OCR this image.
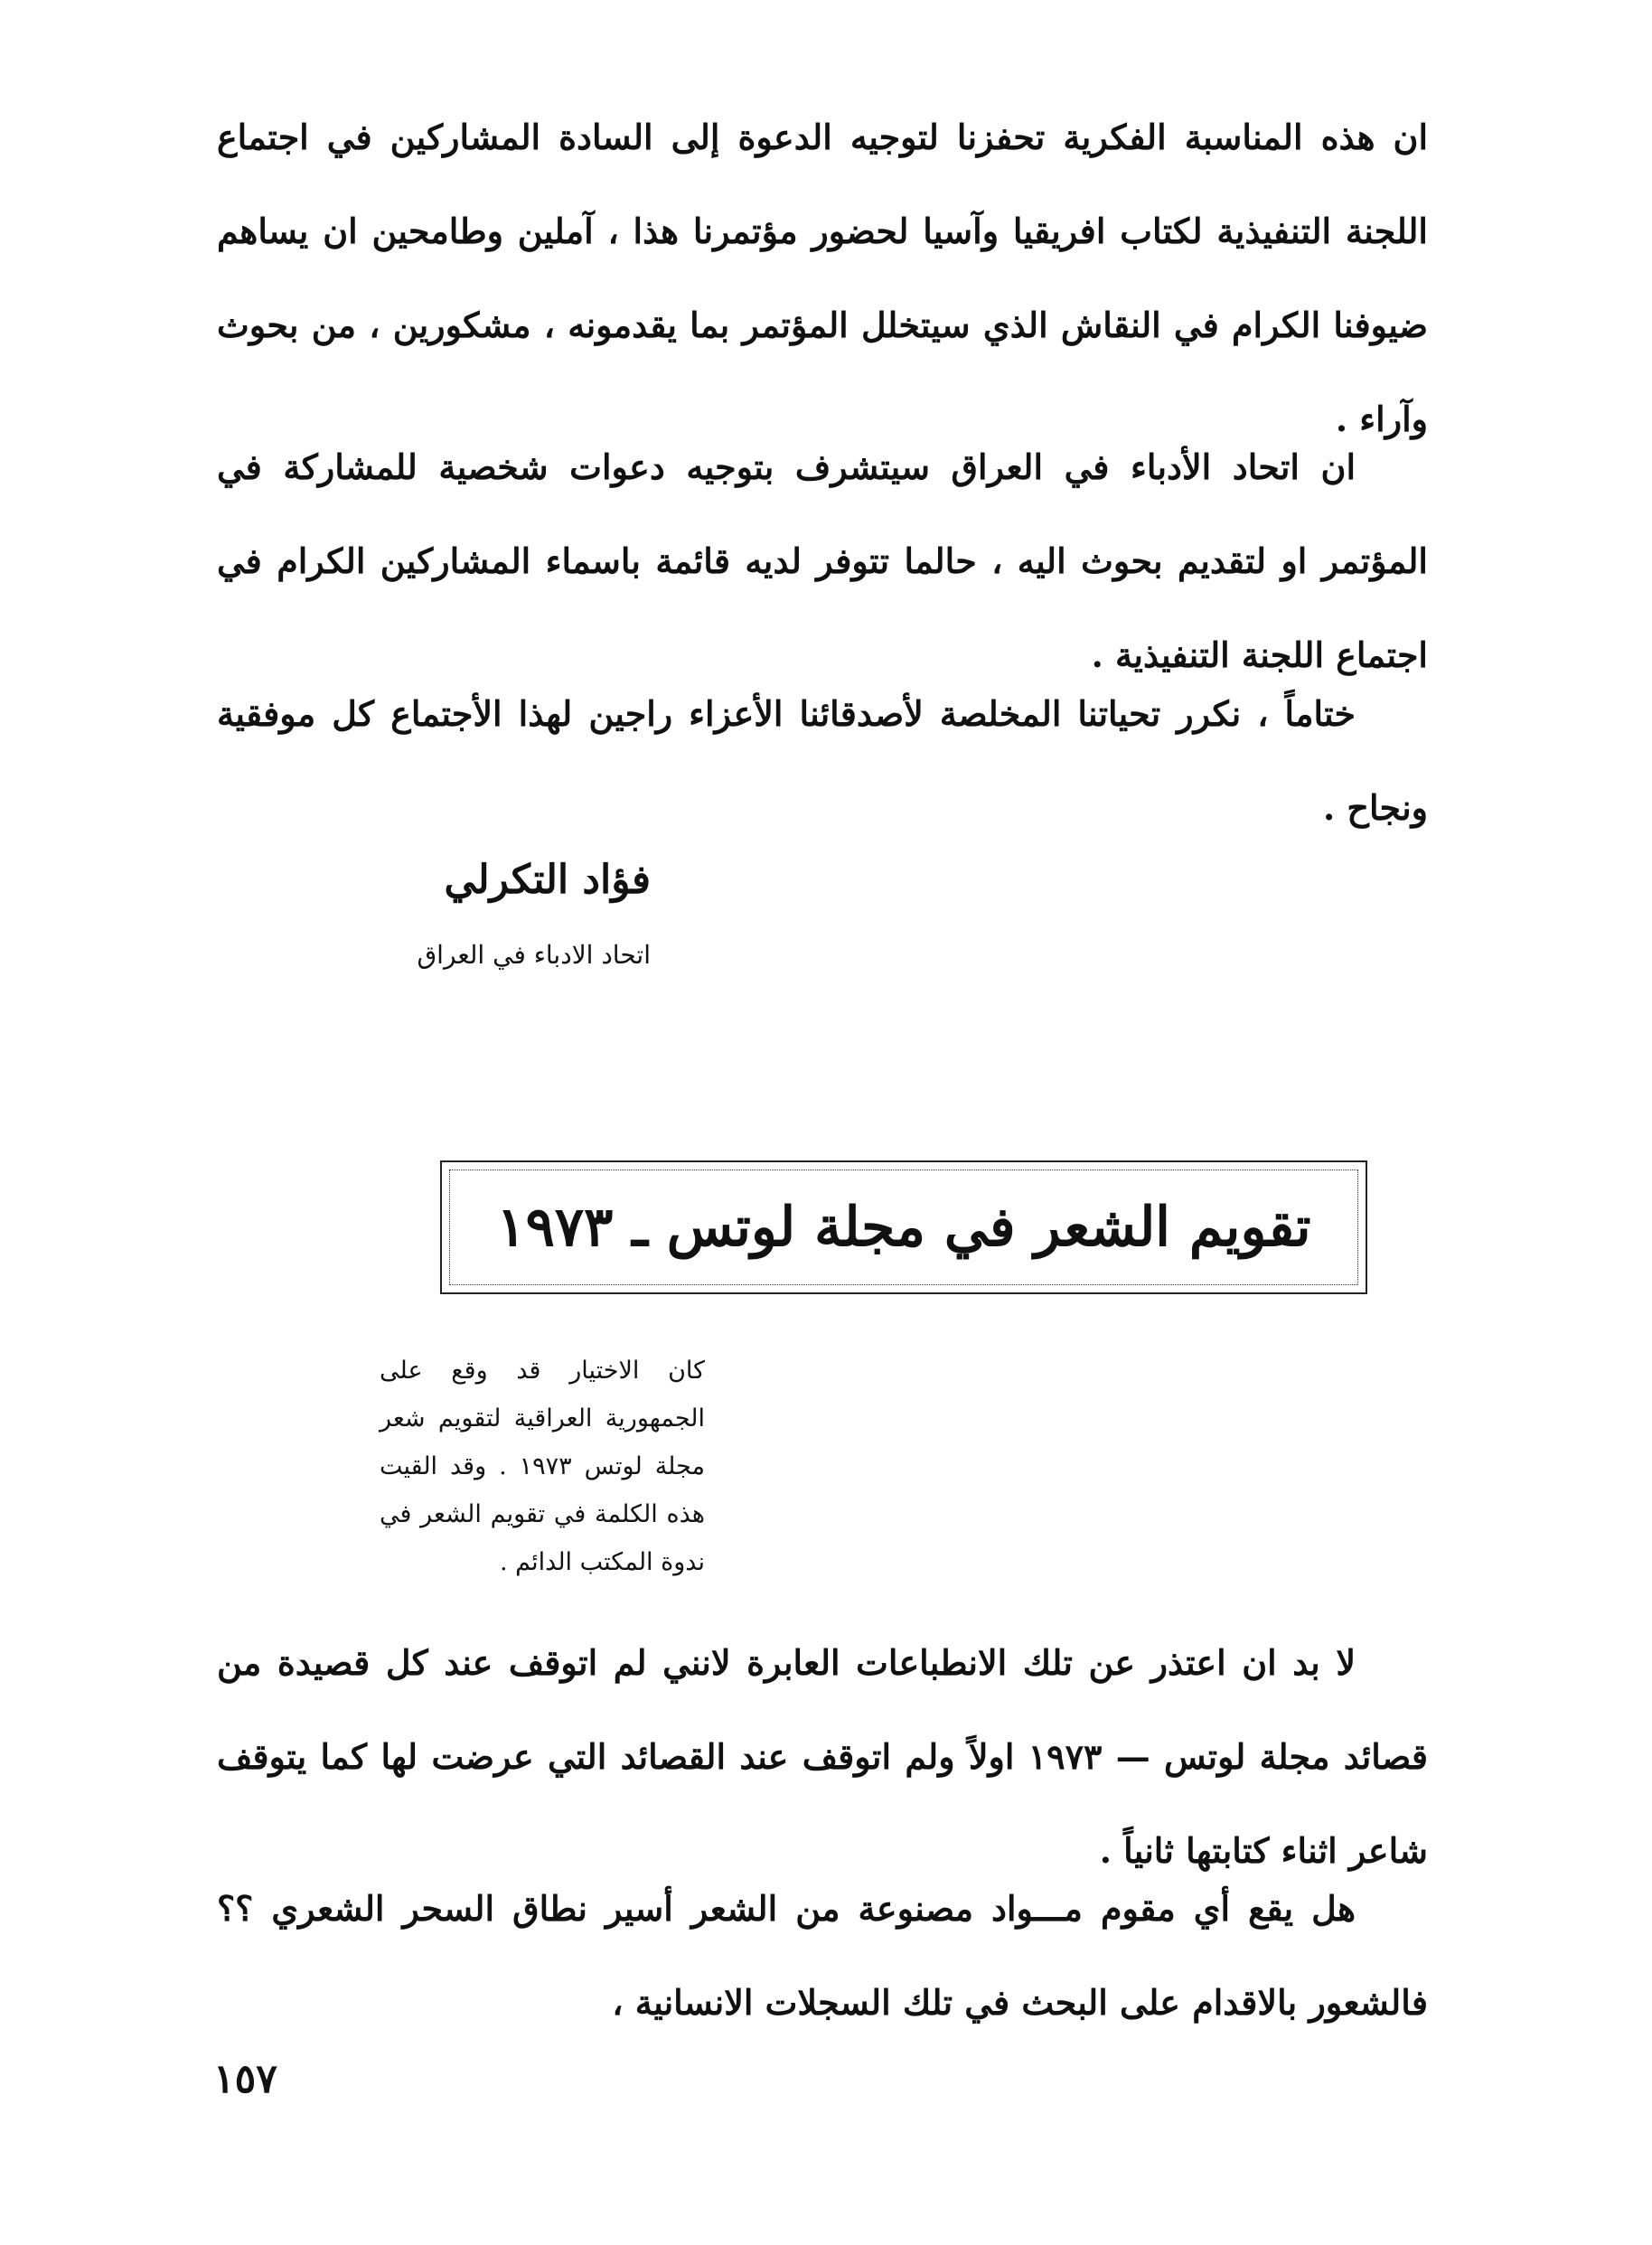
ان هذه المناسبة الفكرية تحفزنا لتوجيه الدعوة إلى السادة المشاركين في اجتماع اللجنة التنفيذية لكتاب افريقيا وآسيا لحضور مؤتمرنا هذا ، آملين وطامحين ان يساهم ضيوفنا الكرام في النقاش الذي سيتخلل المؤتمر بما يقدمونه ، مشكورين ، من بحوث وآراء .

ان اتحاد الأدباء في العراق سيتشرف بتوجيه دعوات شخصية للمشاركة في المؤتمر او لتقديم بحوث اليه ، حالما تتوفر لديه قائمة باسماء المشاركين الكرام في اجتماع اللجنة التنفيذية .

ختاماً ، نكرر تحياتنا المخلصة لأصدقائنا الأعزاء راجين لهذا الأجتماع كل موفقية ونجاح .

فؤاد التكرلي

اتحاد الادباء في العراق

تقويم الشعر في مجلة لوتس ـ ١٩٧٣

كان الاختيار قد وقع على الجمهورية العراقية لتقويم شعر مجلة لوتس ١٩٧٣ . وقد القيت هذه الكلمة في تقويم الشعر في ندوة المكتب الدائم .

لا بد ان اعتذر عن تلك الانطباعات العابرة لانني لم اتوقف عند كل قصيدة من قصائد مجلة لوتس — ١٩٧٣ اولاً ولم اتوقف عند القصائد التي عرضت لها كما يتوقف شاعر اثناء كتابتها ثانياً .

هل يقع أي مقوم مـــواد مصنوعة من الشعر أسير نطاق السحر الشعري ؟؟ فالشعور بالاقدام على البحث في تلك السجلات الانسانية ،

١٥٧
